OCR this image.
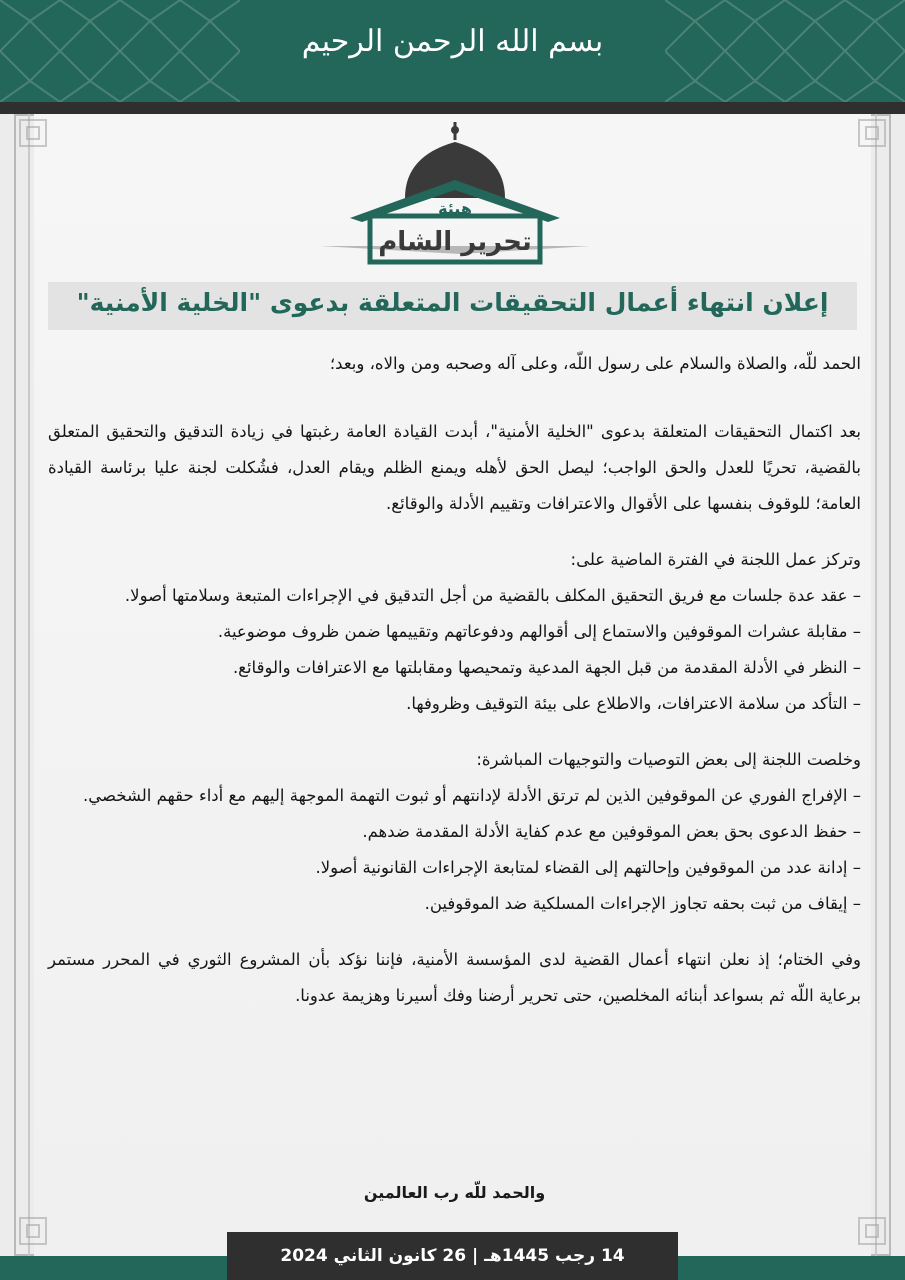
بسم الله الرحمن الرحيم
هيئة
تحرير الشام
إعلان انتهاء أعمال التحقيقات المتعلقة بدعوى "الخلية الأمنية"

الحمد للّه، والصلاة والسلام على رسول اللّه، وعلى آله وصحبه ومن والاه، وبعد؛

بعد اكتمال التحقيقات المتعلقة بدعوى "الخلية الأمنية"، أبدت القيادة العامة رغبتها في زيادة التدقيق والتحقيق المتعلق بالقضية، تحريًا للعدل والحق الواجب؛ ليصل الحق لأهله ويمنع الظلم ويقام العدل، فشُكلت لجنة عليا برئاسة القيادة العامة؛ للوقوف بنفسها على الأقوال والاعترافات وتقييم الأدلة والوقائع.

وتركز عمل اللجنة في الفترة الماضية على:

– عقد عدة جلسات مع فريق التحقيق المكلف بالقضية من أجل التدقيق في الإجراءات المتبعة وسلامتها أصولا.

– مقابلة عشرات الموقوفين والاستماع إلى أقوالهم ودفوعاتهم وتقييمها ضمن ظروف موضوعية.

– النظر في الأدلة المقدمة من قبل الجهة المدعية وتمحيصها ومقابلتها مع الاعترافات والوقائع.

– التأكد من سلامة الاعترافات، والاطلاع على بيئة التوقيف وظروفها.

وخلصت اللجنة إلى بعض التوصيات والتوجيهات المباشرة:

– الإفراج الفوري عن الموقوفين الذين لم ترتق الأدلة لإدانتهم أو ثبوت التهمة الموجهة إليهم مع أداء حقهم الشخصي.

– حفظ الدعوى بحق بعض الموقوفين مع عدم كفاية الأدلة المقدمة ضدهم.

– إدانة عدد من الموقوفين وإحالتهم إلى القضاء لمتابعة الإجراءات القانونية أصولا.

– إيقاف من ثبت بحقه تجاوز الإجراءات المسلكية ضد الموقوفين.

وفي الختام؛ إذ نعلن انتهاء أعمال القضية لدى المؤسسة الأمنية، فإننا نؤكد بأن المشروع الثوري في المحرر مستمر برعاية اللّه ثم بسواعد أبنائه المخلصين، حتى تحرير أرضنا وفك أسيرنا وهزيمة عدونا.

والحمد للّه رب العالمين
14 رجب 1445هـ | 26 كانون الثاني 2024
